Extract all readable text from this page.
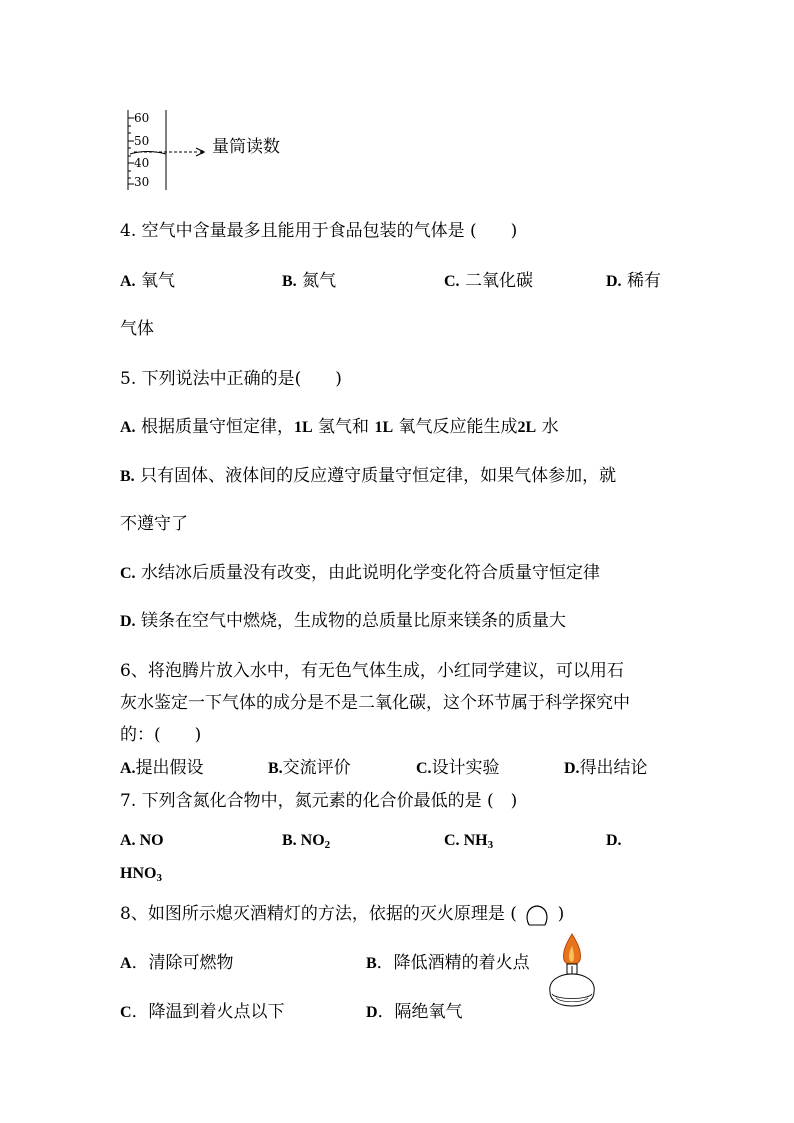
60
50
40
30
量筒读数
4. 空气中含量最多且能用于食品包装的气体是 (　　)
A. 氧气	B. 氮气	C. 二氧化碳	D. 稀有
气体
5. 下列说法中正确的是(　　)
A. 根据质量守恒定律，1L 氢气和 1L 氧气反应能生成2L 水
B. 只有固体、液体间的反应遵守质量守恒定律，如果气体参加，就
不遵守了
C. 水结冰后质量没有改变，由此说明化学变化符合质量守恒定律
D. 镁条在空气中燃烧，生成物的总质量比原来镁条的质量大
6、将泡腾片放入水中，有无色气体生成，小红同学建议，可以用石
灰水鉴定一下气体的成分是不是二氧化碳，这个环节属于科学探究中
的：(　　)
A.提出假设	B.交流评价	C.设计实验	D.得出结论
7. 下列含氮化合物中，氮元素的化合价最低的是 (　)
A. NO	B. $NO_2$	C. $NH_3$	D.
$HNO_3$
8、如图所示熄灭酒精灯的方法，依据的灭火原理是 ( )
A．清除可燃物	B．降低酒精的着火点
C．降温到着火点以下	D．隔绝氧气
